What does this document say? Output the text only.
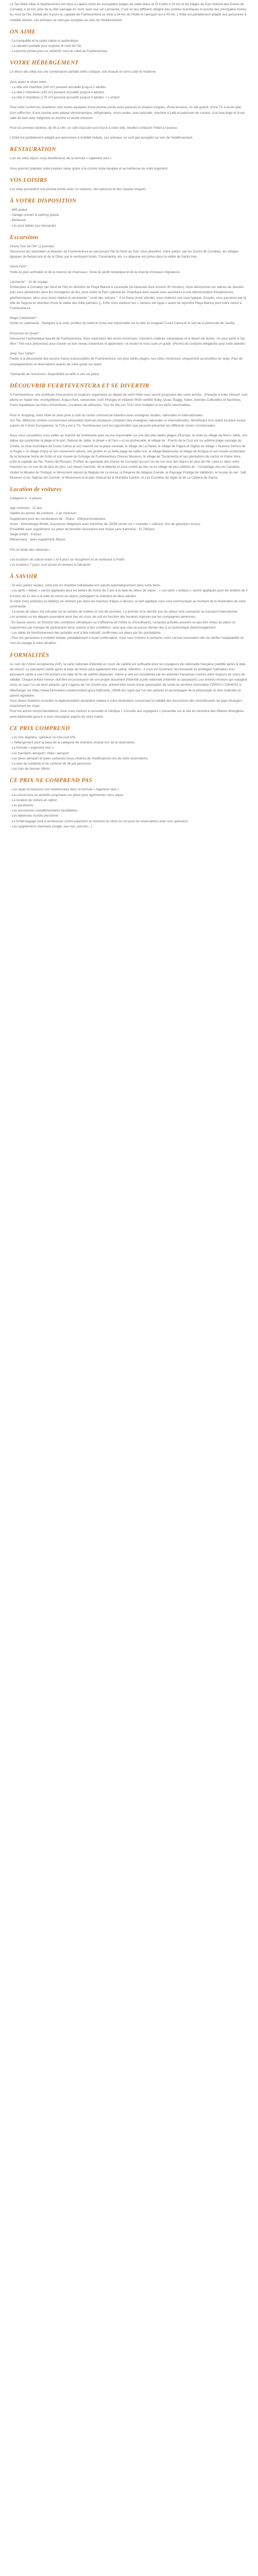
Le Tao Maïa Villas & Apartamentos est situé à Lajares entre les incroyables plages de sable blanc et El Cotillo à 10 km et les plages de Parc Naturel des Dunes de Corralejo à 18 km, près de la côte sauvage du nord, avec vue sur Lanzarote. C'est un lieu différent, éloigné des centres touristiques et proche des principales écoles du nord de l'île. Parfait dès 8 jours la, capitale de Fuerteventura se situe à 34 km de l'hôtel et l'aéroport est à 40 km. L'hôtel est parfaitement adapté aux personnes à mobilité réduite. Les animaux ne sont pas acceptés au sein de l'établissement.

ON AIME

- La tranquillité et le cadre calme et authentique

- La situation parfaite pour explorer le nord de l'île

- La piscine privée pour un rafraîchir sous le soleil de Fuerteventura

VOTRE HÉBERGEMENT

Le décor des villas est une combinaison parfaite entre rustique, soit chaude en terre cuite et moderne.

Vous aurez le choix entre :

- La villa une chambre (140 m²) pouvant accueillir jusqu'à 2 adultes

- La villa 2 chambres (145 m²) pouvant accueillir jusqu'à 4 adultes

- La villa 3 chambres (175 m²) pouvant accueillir jusqu'à 5 adultes + 1 enfant

Pour votre confort les chambres sont toutes équipées d'une piscine privée avec parasols et chaises longues, d'une terrasse, un wifi gratuit, d'une TV à écran plat, d'un coffre-fort, d'une cuisine avec plaque vitrocéramique, réfrigérateur, micro-ondes, lave-vaisselle, machine à café et patio/coin de cuisine, d'un lave-linge et d'une salle de bain avec baignoire ou douche et sèche-cheveux.

Pour les arrivées tardives, de 9h à 14h, un café d'accueil sera fourni à votre villa. Veuillez contacter l'hôtel à l'avance.

L'hôtel est parfaitement adapté aux personnes à mobilité réduite. Les animaux ne sont pas acceptés au sein de l'établissement.

RESTAURATION

Lors de votre séjour, vous bénéficierez de la formule « logement seul ».

Vous pourrez préparer votre propres repas grâce à la cuisine toute équipée et au barbecue de votre logement.

VOS LOISIRS

Les villas possèdent une piscine privée avec un solarium, des parasols et des chaises longues.

À VOTRE DISPOSITION

- Wifi gratuit

- Garage couvert & parking gratuit

- Barbecue

- Lits pour bébés (sur demande)

Excursions

Grand Tour de l'île* (1 journée) :

Découvrez les spécialités et beautés de Fuerteventura en parcourant l'île du Nord au Sud. Vous prendrez, entre autres, par les Dunes de Corralejo, les villages typiques de Betancuria et de la Oliva, par le verdoyant bruits, Tiscamanita, etc. Le déjeuner est prévu dans la vallée de Santa Inés.

Oasis Parc* :

Visite du parc animalier et de la réserve de chameaux. Visite du jardin botanique et de la réserve d'oiseaux migrateurs.

Lanzarote* : 1h de voyage.

Embarquez à Corralejo (au Nord de l'île) en direction de Playa Blanca à Lanzarote (la traversée dure environ 30 minutes). Vous découvrirez les salines de Janubio puis vous pénétrerez dans les montagnes de feu, pour visiter le Parc national de Timanfaya dans lequel vous assisterez à une démonstration d'expériences géothermiques, ainsi vous aurez réalisé la renommée " route des volcans ". À la Geria (zone viticole), vous visiterez une cave typique. Ensuite, vous passerez par la ville de Yaguna en direction d'une la vallée des mille palmiers (). Enfin vous visiterez les « Jameos del Agua » avant de rejoindre Playa Blanca pour votre retour à Fuerteventura.

Magic Catamaran* :

Sortie en catamaran : Naviguez à la voile, profitez du soleil et d'une vue imprenable sur la côte en longeant Costa Calma et le sud de la péninsule de Jandía.

Excursion en Quad* :

Découvrez l'authentique beauté de Fuerteventura. Vous explorerez des terres inconnues, d'anciens cratères volcaniques et le désert de dunes. Un pour partir à l'air libre ! Tiré vous préconisez pour d'avoir un bon niveau d'aventure et apprendre ! et récitez-le vous suivi un guide. (Permis de conduire obligatoire pour cette activité)

Jeep Tour Safari* :

Partez à la découverte des recoins traces inaccessibles de Fuerteventura, ses plus belles plages, ses côtes rocheuses, uniquement accessibles en Jeep. Pour de renseignements et réservations auprès de votre guide sur place

*Demande de l'excursion, disponibilité et tarifs à voir sur place.

DÉCOUVRIR FUERTEVENTURA ET SE DIVERTIR

À Fuerteventura, une multitude d'excursions et locations organisées au départ de votre hôtel vous seront proposées dès votre arrivée : (Parasite à voile, kitesurf, surf, pêche en haute mer, montgolfières, Acqua Park, randonnée, Golf, Plongée et initiation PADI certifié) Baby, Quad, Buggy, Safari, Activités Culturelles et Sportives, Parcs Aquatiques au Parcs d'Aventures, Locations de véhicules, Tour de l'île,Les TAXI sont multiples et les tarifs raisonnables.

Pour le shopping, votre hôtel se situe juste à côté du centre commercial Atlantico avec enseignes locales, nationales et internationales.

Sur l'île, différents centres commerciaux présentent diverses boutiques comptant des enseignes nationales et internationales. Bénéficiant d'un statut insulaire avoué auprès de l'Union Européenne, la TVA y est à 7%. Nombreuses sont les opportunités que peuvent présenter les différents zones commerciales.

Nous vous conseillons vous veiller au marché de Solebrante avec sa vue imprenable sur une des plus belles plages d'Europe, la visite du village de Morro Jable, son église qui surplombe la plage et le port. Natural de Jable, le phare « el Faro » et sa promenade, le village de : Puerto de la Cruz est sa sublime plage sauvage de Cofete, la zone touristique de Costa Calma et son marché sur la place centrale, le village de La Pared, le village de Pajara et l'église du village « Nuestra Señora de la Regla », le village d'Ajuy et son monument naturel, ses grottes et sa belle plage de sable noir, le village Betancuria, le village de Antigua et son moulin producteur de la fameuse farine de Gofio et son musée du fromage de Fuerteventura Cheese Museum, le village de Tiscamanita et ses plantations de cactus et d'aloe Vera, enfin la capitale de l'île, Puerto del Rosario. Profitez du spectacle des Dunes de Corralejo qui est l'un de nos tous des blancs en plus de l'île, celui-ci, dans votre marchez sur ce vue de de plus en plus. Les beaux marchés, de la détente et vous rendre au lieu ou en village de plus célèbre de : l'Arcipelago des les Canaries.

Visitez le Mirador de Tindaya, le Monument naturel du Malpais de La Arena, la Réserve de Aldapas Grande, le Paysage Protégé de Vallebrón, le musée du sel - Salt Museum et les Salinas del Carmen, le Monument et le parc Natural de la Montaña Cardón, et Les Cuchillas de Vigán et de La Caldera de Gairía.

Location de voitures

Catégorie A - 4 places

Age minimum : 21 ans

Validité du permis de conduire : 1 an minimum

Supplément pour les conducteurs de : 25ans : 20€/jour/conducteur

Inclus : Kilométrage illimité, Assurance obligatoire avec franchise de 1500€ (inclut vol + incendie + collision, bris de glace/jour inclus).

Possibilité avec supplément sur place de prendre l'assurance tout risque sans franchise : 22,70€/jour

Siège enfant : 9 €/jour

Rehausseur : avec supplément 3€/jour

Prix et rendu des véhicules :

Les locations de voiture entre 1 et 6 jours se récupèrent et se restituent à l'hôtel.

Les locations 7 jours, sont prises et rendues à l'aéroport.

À SAVOIR

- Si vous partez seul(e), votre prix en chambre individuelle est calculé automatiquement dans votre devis.

- Les tarifs « bébés » seront appliqués pour les bébés de moins de 2 ans à la date du retour de séjour ; « Les tarifs « enfants » seront appliqués pour les enfants de 2 à moins de 12 ans à la date du retour du séjour, partageant la chambre de deux adultes.

Si votre (nos) enfant(s) ou bébé(s) ne rentrent pas dans les tranches d'âges ci-dessus, le tarif appliqué vous sera communiqué au moment de la finalisation de votre commande.

- La durée du séjour est calculée sur le nombre de nuitées et non de journées. Le premier et le dernier jour du séjour sont consacrés au transport international.

Les arrivées ou les départs pourraient avoir lieu en cours de nuit en fonction des horaires imposés par les compagnies aériennes.

- En basse saison, en fonction des conditions climatiques ou d'affluence de l'hôtel ou d'insuffisants, certaines activités peuvent ne pas être mises en place ou supprimées par manque de participants et/ou soumis à des conditions, sans que cela ne puisse donner lieu à un quelconque dédommagement.

- Les dates de fonctionnement des activités sont à titre indicatif, confirmées sur place par les prestataires.

- Pour les personnes à mobilité réduite, préalablement à toute confirmation, nous vous invitons à contacter notre service réservation afin de vérifier l'adaptabilité du nom du voyage à votre situation.

FORMALITÉS

Au sein de l'Union européenne (UE), la carte nationale d'identité en cours de validité est suffisante pour les voyageurs de nationalité française (validité après la date de retour). Le passeport valide après la date de retour peut également être utilisé. Attention : il vous est fortement recommandé de privilégier l'utilisation d'un passeport valide à une CNI portant une date de fin de validité dépassée, même si elle est considérée par les autorités françaises comme étant toujours en cours de validité. Chaque enfant mineur, doit être en possession de son propre document d'identité (carte nationale d'identité ou passeport). Les enfants mineurs qui voyagent seuls ou sans l'un de leurs parents, qu'il s'agisse de l'un d'entre eux, doivent être munis d'une autorisation de sortie du territoire (formulaire CERFA n°15646*01 à télécharger sur https://www.formulaires.modernisation.gouv.fr/gf/cerfa_15646.do) signé par l'un des parents et accompagné de la photocopie du titre d'identité du parent signataire.

Vous devez toutefois consulter la réglementation douanière relative à votre destination concernant la validité des documents des ressortissants de pays étrangers notamment les visas.

Pour les autres recommandations, nous vous invitons à consulter la rubrique « Conseils aux voyageurs » présentée sur le site du ministère des Affaires étrangères www.diplomatie.gouv.fr à vous renseigner auprès de votre mairie.

CE PRIX COMPREND

- Les vols réguliers, spécieux ou low-cost A/R,

- L'hébergement pour la base de la catégorie de chambre choisie lors de la réservation,

- La formule « logement seul »,

- Les transferts aéroport / hôtel / aéroport

- Les taxes aéroport et taxes carburant (sous réserve de modifications lors de votre réservation),

- La taxe de solidarité et de carbone de 3€ par personne,

- Les frais de dossier offerts.

CE PRIX NE COMPREND PAS

- Les repas et boissons non mentionnées dans la formule « logement seul »

- Les excursions ou activités proposées sur place pour agrémenter votre séjour

- La location de voiture en option

- Les pourboires

- Les assurances complémentaires facultatives

- Les dépenses d'ordre personnel

- Le forfait bagage (soit à rembourser contre paiement ou moment du choix du vol pour les réservations avec vols spéciaux)

- Les suppléments éventuels (single, vue mer, pension...)
